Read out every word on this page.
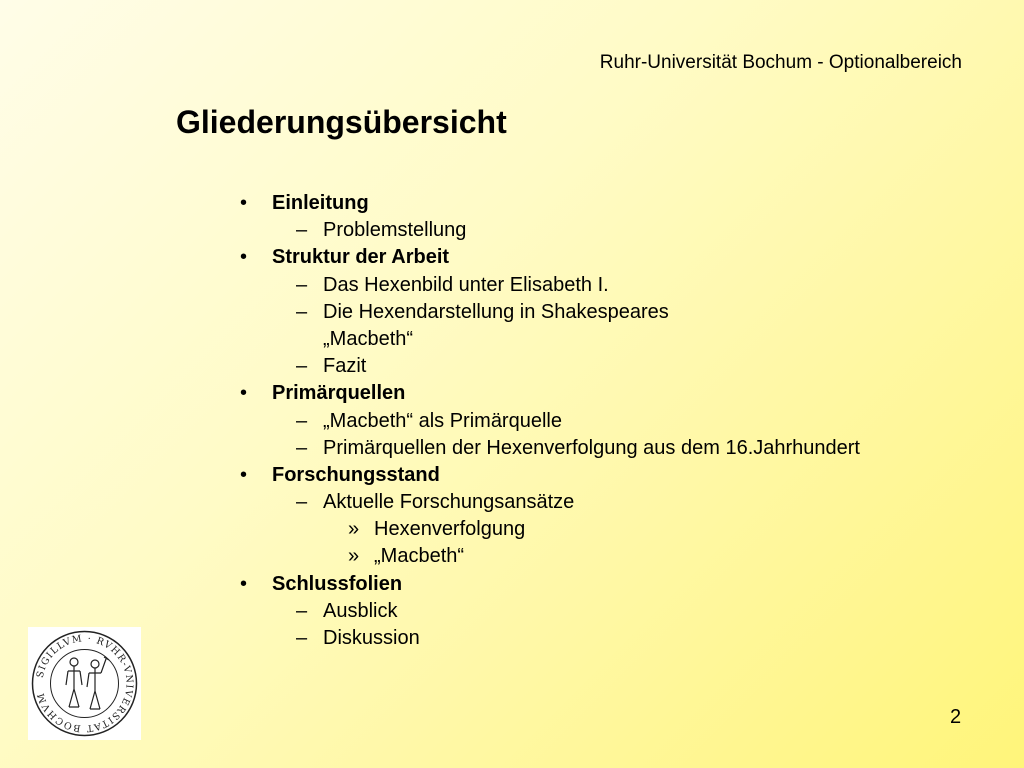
Ruhr-Universität Bochum - Optionalbereich
Gliederungsübersicht
• Einleitung
– Problemstellung
• Struktur der Arbeit
– Das Hexenbild unter Elisabeth I.
– Die Hexendarstellung in Shakespeares
„Macbeth“
– Fazit
• Primärquellen
– „Macbeth“ als Primärquelle
– Primärquellen der Hexenverfolgung aus dem 16.Jahrhundert
• Forschungsstand
– Aktuelle Forschungsansätze
» Hexenverfolgung
» „Macbeth“
• Schlussfolien
– Ausblick
– Diskussion
SIGILLVM · RVHR-VNIVERSITAT BOCHVM
2
